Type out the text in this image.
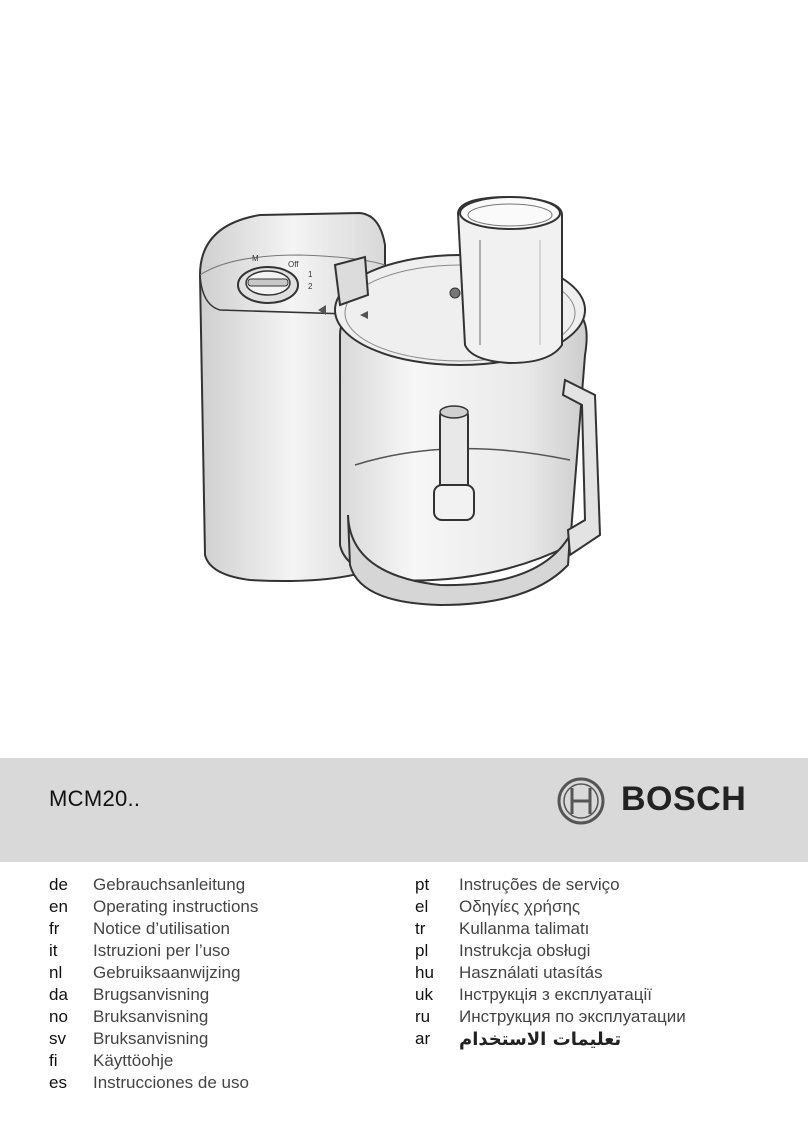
M
Off
1
2
MCM20..	BOSCH
de	Gebrauchsanleitung
en	Operating instructions
fr	Notice d’utilisation
it	Istruzioni per l’uso
nl	Gebruiksaanwijzing
da	Brugsanvisning
no	Bruksanvisning
sv	Bruksanvisning
fi	Käyttöohje
es	Instrucciones de uso
pt	Instruções de serviço
el	Οδηγίες χρήσης
tr	Kullanma talimatı
pl	Instrukcja obsługi
hu	Használati utasítás
uk	Інструкція з експлуатації
ru	Инструкция по эксплуатации
ar	تعليمات الاستخدام
